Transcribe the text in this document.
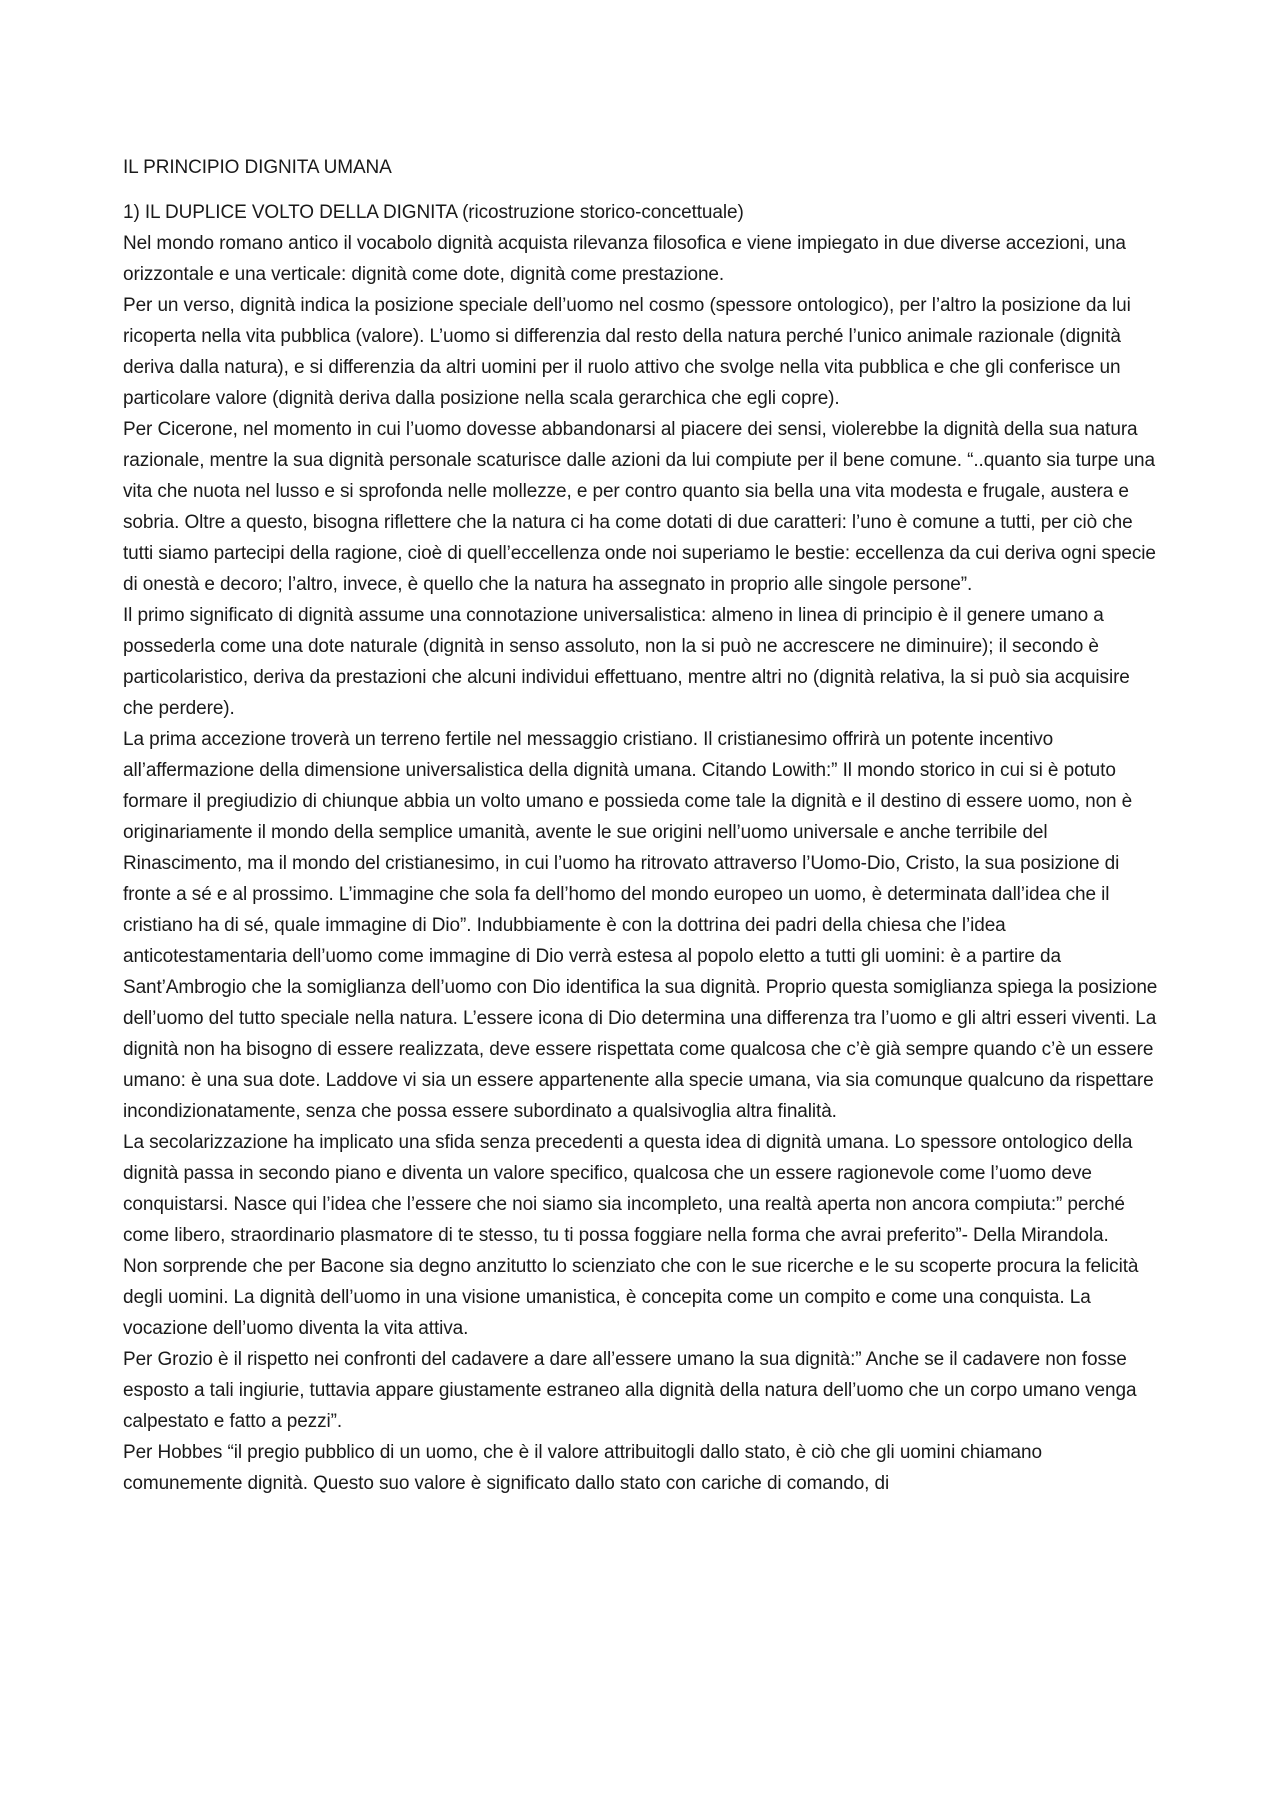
IL PRINCIPIO DIGNITA UMANA
1) IL DUPLICE VOLTO DELLA DIGNITA (ricostruzione storico-concettuale)

Nel mondo romano antico il vocabolo dignità acquista rilevanza filosofica e viene impiegato in due diverse accezioni, una orizzontale e una verticale: dignità come dote, dignità come prestazione.

Per un verso, dignità indica la posizione speciale dell’uomo nel cosmo (spessore ontologico), per l’altro la posizione da lui ricoperta nella vita pubblica (valore). L’uomo si differenzia dal resto della natura perché l’unico animale razionale (dignità deriva dalla natura), e si differenzia da altri uomini per il ruolo attivo che svolge nella vita pubblica e che gli conferisce un particolare valore (dignità deriva dalla posizione nella scala gerarchica che egli copre).

Per Cicerone, nel momento in cui l’uomo dovesse abbandonarsi al piacere dei sensi, violerebbe la dignità della sua natura razionale, mentre la sua dignità personale scaturisce dalle azioni da lui compiute per il bene comune. “..quanto sia turpe una vita che nuota nel lusso e si sprofonda nelle mollezze, e per contro quanto sia bella una vita modesta e frugale, austera e sobria. Oltre a questo, bisogna riflettere che la natura ci ha come dotati di due caratteri: l’uno è comune a tutti, per ciò che tutti siamo partecipi della ragione, cioè di quell’eccellenza onde noi superiamo le bestie: eccellenza da cui deriva ogni specie di onestà e decoro; l’altro, invece, è quello che la natura ha assegnato in proprio alle singole persone”.

Il primo significato di dignità assume una connotazione universalistica: almeno in linea di principio è il genere umano a possederla come una dote naturale (dignità in senso assoluto, non la si può ne accrescere ne diminuire); il secondo è particolaristico, deriva da prestazioni che alcuni individui effettuano, mentre altri no (dignità relativa, la si può sia acquisire che perdere).

La prima accezione troverà un terreno fertile nel messaggio cristiano. Il cristianesimo offrirà un potente incentivo all’affermazione della dimensione universalistica della dignità umana. Citando Lowith:” Il mondo storico in cui si è potuto formare il pregiudizio di chiunque abbia un volto umano e possieda come tale la dignità e il destino di essere uomo, non è originariamente il mondo della semplice umanità, avente le sue origini nell’uomo universale e anche terribile del Rinascimento, ma il mondo del cristianesimo, in cui l’uomo ha ritrovato attraverso l’Uomo-Dio, Cristo, la sua posizione di fronte a sé e al prossimo. L’immagine che sola fa dell’homo del mondo europeo un uomo, è determinata dall’idea che il cristiano ha di sé, quale immagine di Dio”. Indubbiamente è con la dottrina dei padri della chiesa che l’idea anticotestamentaria dell’uomo come immagine di Dio verrà estesa al popolo eletto a tutti gli uomini: è a partire da Sant’Ambrogio che la somiglianza dell’uomo con Dio identifica la sua dignità. Proprio questa somiglianza spiega la posizione dell’uomo del tutto speciale nella natura. L’essere icona di Dio determina una differenza tra l’uomo e gli altri esseri viventi. La dignità non ha bisogno di essere realizzata, deve essere rispettata come qualcosa che c’è già sempre quando c’è un essere umano: è una sua dote. Laddove vi sia un essere appartenente alla specie umana, via sia comunque qualcuno da rispettare incondizionatamente, senza che possa essere subordinato a qualsivoglia altra finalità.

La secolarizzazione ha implicato una sfida senza precedenti a questa idea di dignità umana. Lo spessore ontologico della dignità passa in secondo piano e diventa un valore specifico, qualcosa che un essere ragionevole come l’uomo deve conquistarsi. Nasce qui l’idea che l’essere che noi siamo sia incompleto, una realtà aperta non ancora compiuta:” perché come libero, straordinario plasmatore di te stesso, tu ti possa foggiare nella forma che avrai preferito”- Della Mirandola.

Non sorprende che per Bacone sia degno anzitutto lo scienziato che con le sue ricerche e le su scoperte procura la felicità degli uomini. La dignità dell’uomo in una visione umanistica, è concepita come un compito e come una conquista. La vocazione dell’uomo diventa la vita attiva.

Per Grozio è il rispetto nei confronti del cadavere a dare all’essere umano la sua dignità:” Anche se il cadavere non fosse esposto a tali ingiurie, tuttavia appare giustamente estraneo alla dignità della natura dell’uomo che un corpo umano venga calpestato e fatto a pezzi”.

Per Hobbes “il pregio pubblico di un uomo, che è il valore attribuitogli dallo stato, è ciò che gli uomini chiamano comunemente dignità. Questo suo valore è significato dallo stato con cariche di comando, di
